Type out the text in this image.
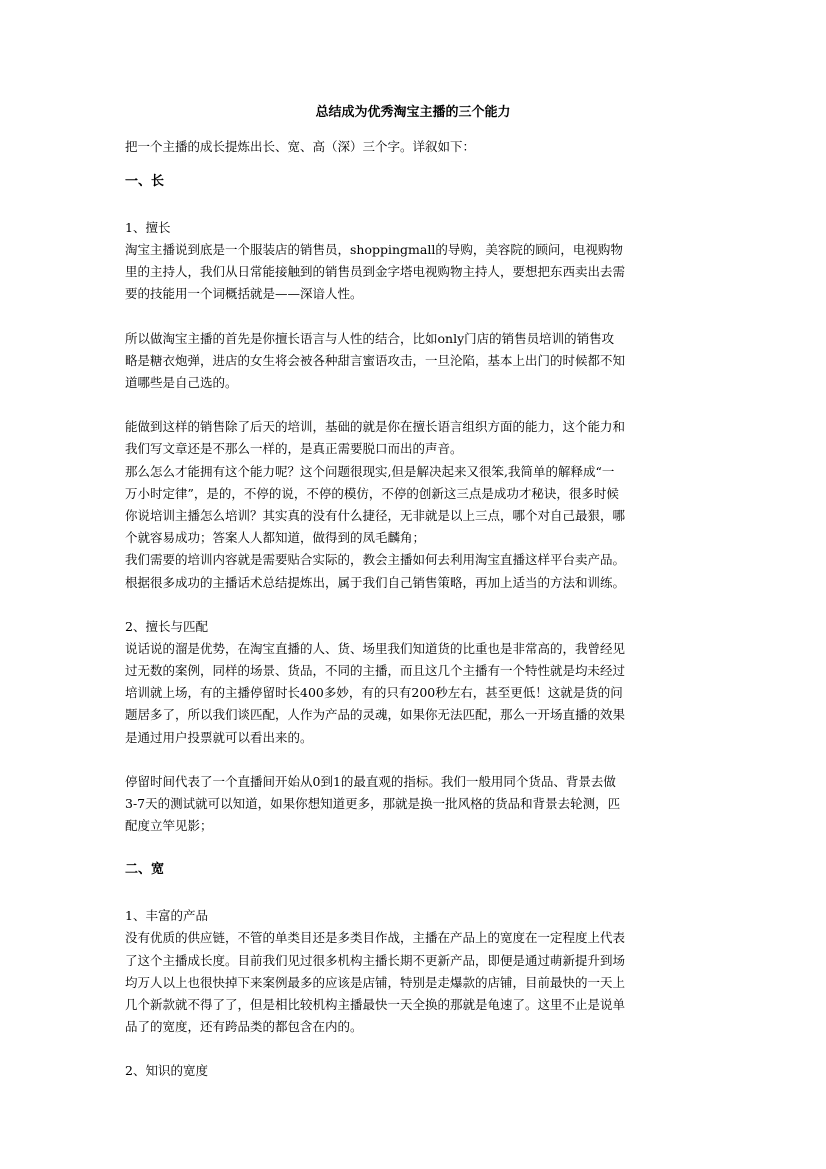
总结成为优秀淘宝主播的三个能力
把一个主播的成长提炼出长、宽、高（深）三个字。详叙如下：
一、长
1、擅长
淘宝主播说到底是一个服装店的销售员，shoppingmall的导购，美容院的顾问，电视购物
里的主持人，我们从日常能接触到的销售员到金字塔电视购物主持人，要想把东西卖出去需
要的技能用一个词概括就是——深谙人性。
所以做淘宝主播的首先是你擅长语言与人性的结合，比如only门店的销售员培训的销售攻
略是糖衣炮弹，进店的女生将会被各种甜言蜜语攻击，一旦沦陷，基本上出门的时候都不知
道哪些是自己选的。
能做到这样的销售除了后天的培训，基础的就是你在擅长语言组织方面的能力，这个能力和
我们写文章还是不那么一样的，是真正需要脱口而出的声音。
那么怎么才能拥有这个能力呢？这个问题很现实,但是解决起来又很笨,我简单的解释成“一
万小时定律”，是的，不停的说，不停的模仿，不停的创新这三点是成功才秘诀，很多时候
你说培训主播怎么培训？其实真的没有什么捷径，无非就是以上三点，哪个对自己最狠，哪
个就容易成功；答案人人都知道，做得到的凤毛麟角；
我们需要的培训内容就是需要贴合实际的，教会主播如何去利用淘宝直播这样平台卖产品。
根据很多成功的主播话术总结提炼出，属于我们自己销售策略，再加上适当的方法和训练。
2、擅长与匹配
说话说的溜是优势，在淘宝直播的人、货、场里我们知道货的比重也是非常高的，我曾经见
过无数的案例，同样的场景、货品，不同的主播，而且这几个主播有一个特性就是均未经过
培训就上场，有的主播停留时长400多妙，有的只有200秒左右，甚至更低！这就是货的问
题居多了，所以我们谈匹配，人作为产品的灵魂，如果你无法匹配，那么一开场直播的效果
是通过用户投票就可以看出来的。
停留时间代表了一个直播间开始从0到1的最直观的指标。我们一般用同个货品、背景去做
3-7天的测试就可以知道，如果你想知道更多，那就是换一批风格的货品和背景去轮测，匹
配度立竿见影；
二、宽
1、丰富的产品
没有优质的供应链，不管的单类目还是多类目作战，主播在产品上的宽度在一定程度上代表
了这个主播成长度。目前我们见过很多机构主播长期不更新产品，即便是通过萌新提升到场
均万人以上也很快掉下来案例最多的应该是店铺，特别是走爆款的店铺，目前最快的一天上
几个新款就不得了了，但是相比较机构主播最快一天全换的那就是龟速了。这里不止是说单
品了的宽度，还有跨品类的都包含在内的。
2、知识的宽度
